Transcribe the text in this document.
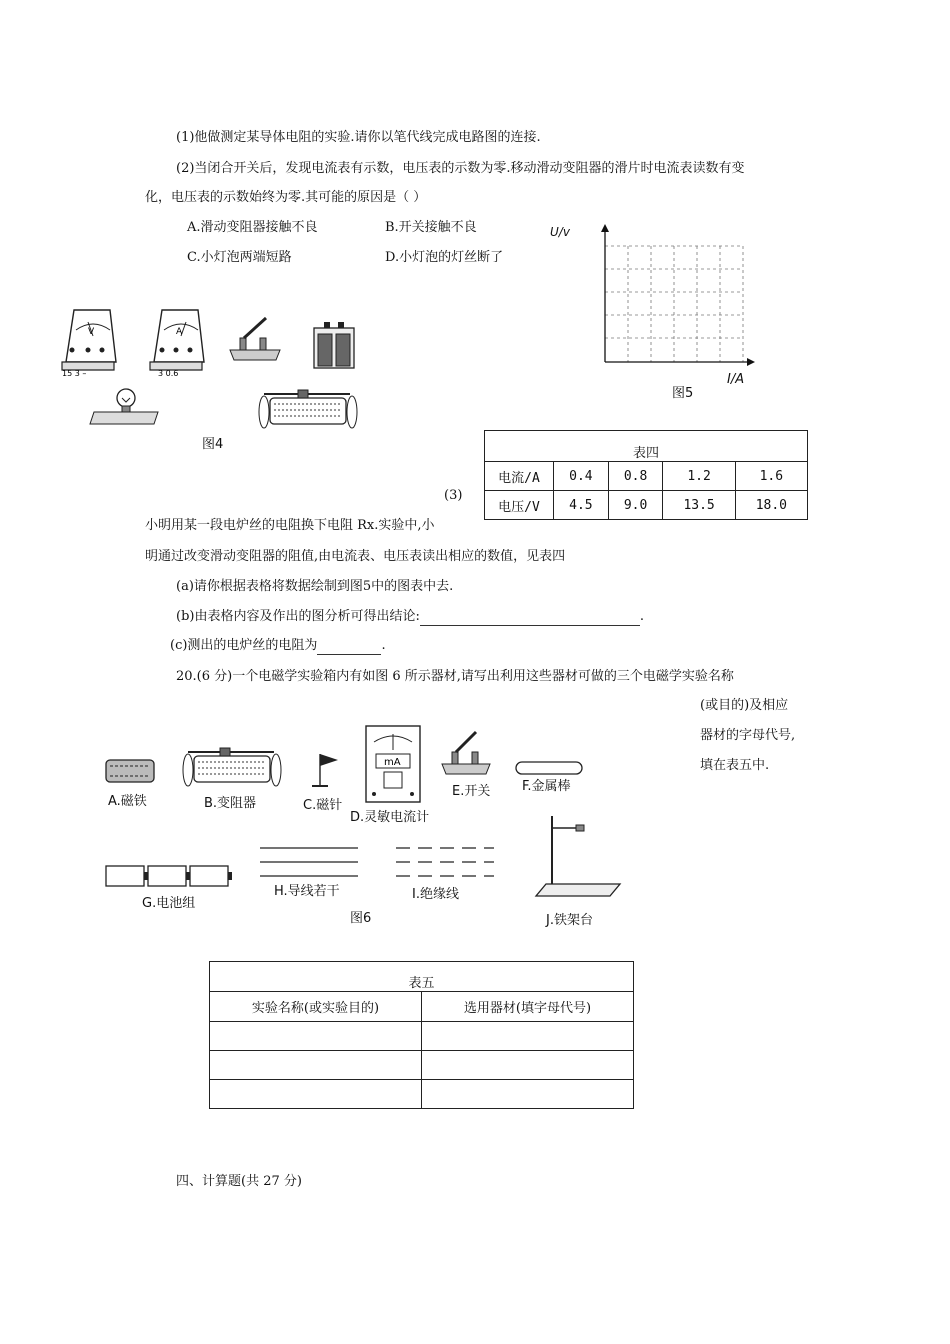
(1)他做测定某导体电阻的实验.请你以笔代线完成电路图的连接.
(2)当闭合开关后，发现电流表有示数，电压表的示数为零.移动滑动变阻器的滑片时电流表读数有变
化，电压表的示数始终为零.其可能的原因是（ ）
A.滑动变阻器接触不良	B.开关接触不良
C.小灯泡两端短路	D.小灯泡的灯丝断了
V
15 3 –
A
3 0.6
图4
U/v
I/A
图5
表四				
电流/A	0.4	0.8	1.2	1.6
电压/V	4.5	9.0	13.5	18.0
(3)
小明用某一段电炉丝的电阻换下电阻 Rx.实验中,小
明通过改变滑动变阻器的阻值,由电流表、电压表读出相应的数值，见表四
(a)请你根据表格将数据绘制到图5中的图表中去.
(b)由表格内容及作出的图分析可得出结论:	.
(c)测出的电炉丝的电阻为	.
20.(6 分)一个电磁学实验箱内有如图 6 所示器材,请写出利用这些器材可做的三个电磁学实验名称
(或目的)及相应
器材的字母代号,
填在表五中.
mA
A.磁铁	B.变阻器	C.磁针
D.灵敏电流计
E.开关 F.金属棒
G.电池组
H.导线若干	I.绝缘线
J.铁架台
图6
表五	
实验名称(或实验目的)	选用器材(填字母代号)

四、计算题(共 27 分)
